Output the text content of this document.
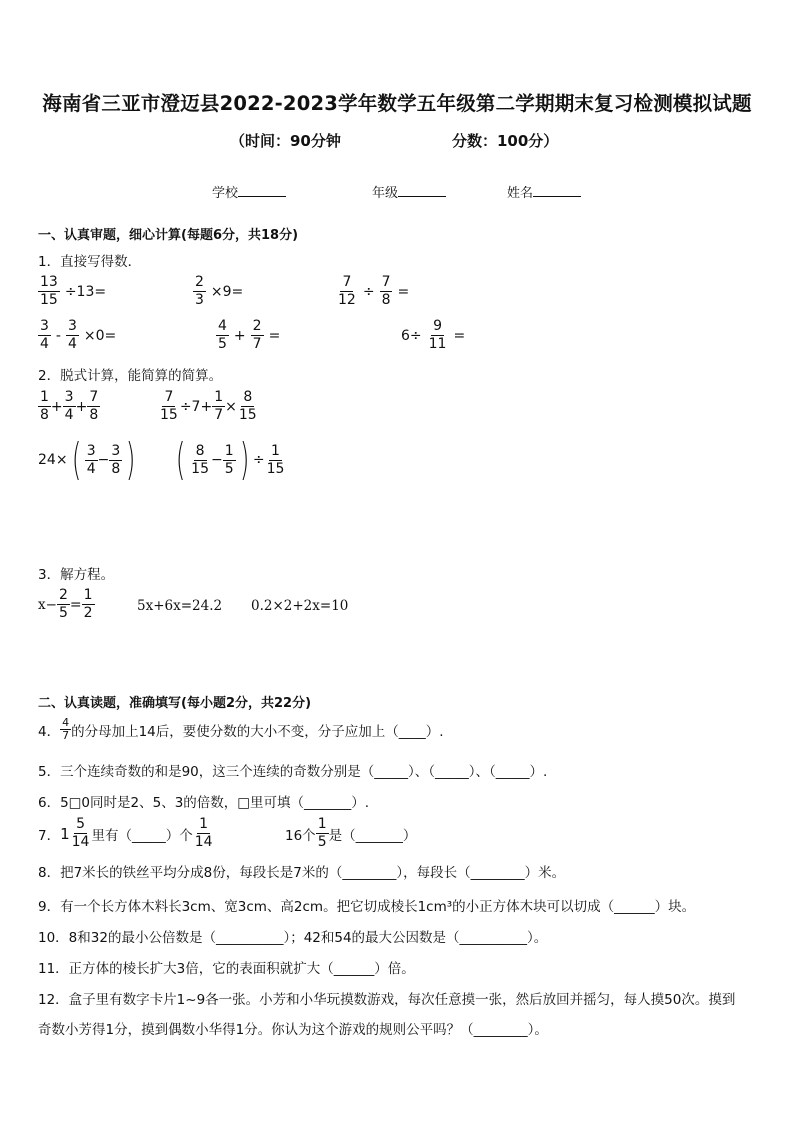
海南省三亚市澄迈县2022-2023学年数学五年级第二学期期末复习检测模拟试题
（时间：90分钟	分数：100分）
学校	年级	姓名
一、认真审题，细心计算(每题6分，共18分)
1．直接写得数．
$\frac{13}{15} \div 13=$	$\frac{2}{3} \times 9=$	$\frac{7}{12} \div \frac{7}{8}$ =
$\frac{3}{4} - \frac{3}{4} \times 0=$	$\frac{4}{5} + \frac{2}{7}$ =	$6\div \frac{9}{11}$ =
2．脱式计算，能简算的简算。
$\frac{1}{8} + \frac{3}{4} + \frac{7}{8}$	$\frac{7}{15} \div 7+ \frac{1}{7} \times \frac{8}{15}$
24× ( $\frac{3}{4} - \frac{3}{8}$ ) ( $\frac{8}{15} - \frac{1}{5}$ ) ÷ $\frac{1}{15}$
3．解方程。
$x- \frac{2}{5} = \frac{1}{2}$	5x+6x=24.2 0.2×2+2x=10
二、认真读题，准确填写(每小题2分，共22分)
4． $\frac{4}{7}$ 的分母加上14后，要使分数的大小不变，分子应加上（____）.
5．三个连续奇数的和是90，这三个连续的奇数分别是（_____）、（_____）、（_____）.
6．5□0同时是2、5、3的倍数，□里可填（_______）.
7． $1 \frac{5}{14}$ 里有（_____）个 $\frac{1}{14}$	16个 $\frac{1}{5}$ 是（_______）
8．把7米长的铁丝平均分成8份，每段长是7米的（________），每段长（________）米。
9．有一个长方体木料长3cm、宽3cm、高2cm。把它切成棱长1cm³的小正方体木块可以切成（______）块。
10．8和32的最小公倍数是（__________）；42和54的最大公因数是（__________）。
11．正方体的棱长扩大3倍，它的表面积就扩大（______）倍。
12．盒子里有数字卡片1~9各一张。小芳和小华玩摸数游戏，每次任意摸一张，然后放回并摇匀，每人摸50次。摸到
奇数小芳得1分，摸到偶数小华得1分。你认为这个游戏的规则公平吗？（________）。
